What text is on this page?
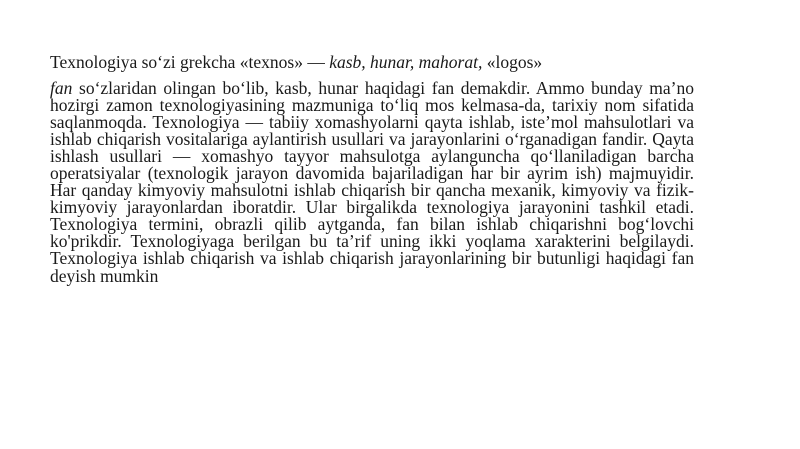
Texnologiya so‘zi grekcha «texnos» — kasb, hunar, mahorat, «logos»
fan so‘zlaridan olingan bo‘lib, kasb, hunar haqidagi fan demakdir. Ammo bunday ma’no hozirgi zamon texnologiyasining mazmuniga to‘liq mos kelmasa-da, tarixiy nom sifatida saqlanmoqda. Texnologiya — tabiiy xomashyolarni qayta ishlab, iste’mol mahsulotlari va ishlab chiqarish vositalariga aylantirish usullari va jarayonlarini o‘rganadigan fandir. Qayta ishlash usullari — xomashyo tayyor mahsulotga aylanguncha qo‘llaniladigan barcha operatsiyalar (texnologik jarayon davomida bajariladigan har bir ayrim ish) majmuyidir. Har qanday kimyoviy mahsulotni ishlab chiqarish bir qancha mexanik, kimyoviy va fizik-kimyoviy jarayonlardan iboratdir. Ular birgalikda texnologiya jarayonini tashkil etadi. Texnologiya termini, obrazli qilib aytganda, fan bilan ishlab chiqarishni bog‘lovchi ko'prikdir. Texnologiyaga berilgan bu ta’rif uning ikki yoqlama xarakterini belgilaydi. Texnologiya ishlab chiqarish va ishlab chiqarish jarayonlarining bir butunligi haqidagi fan deyish mumkin
